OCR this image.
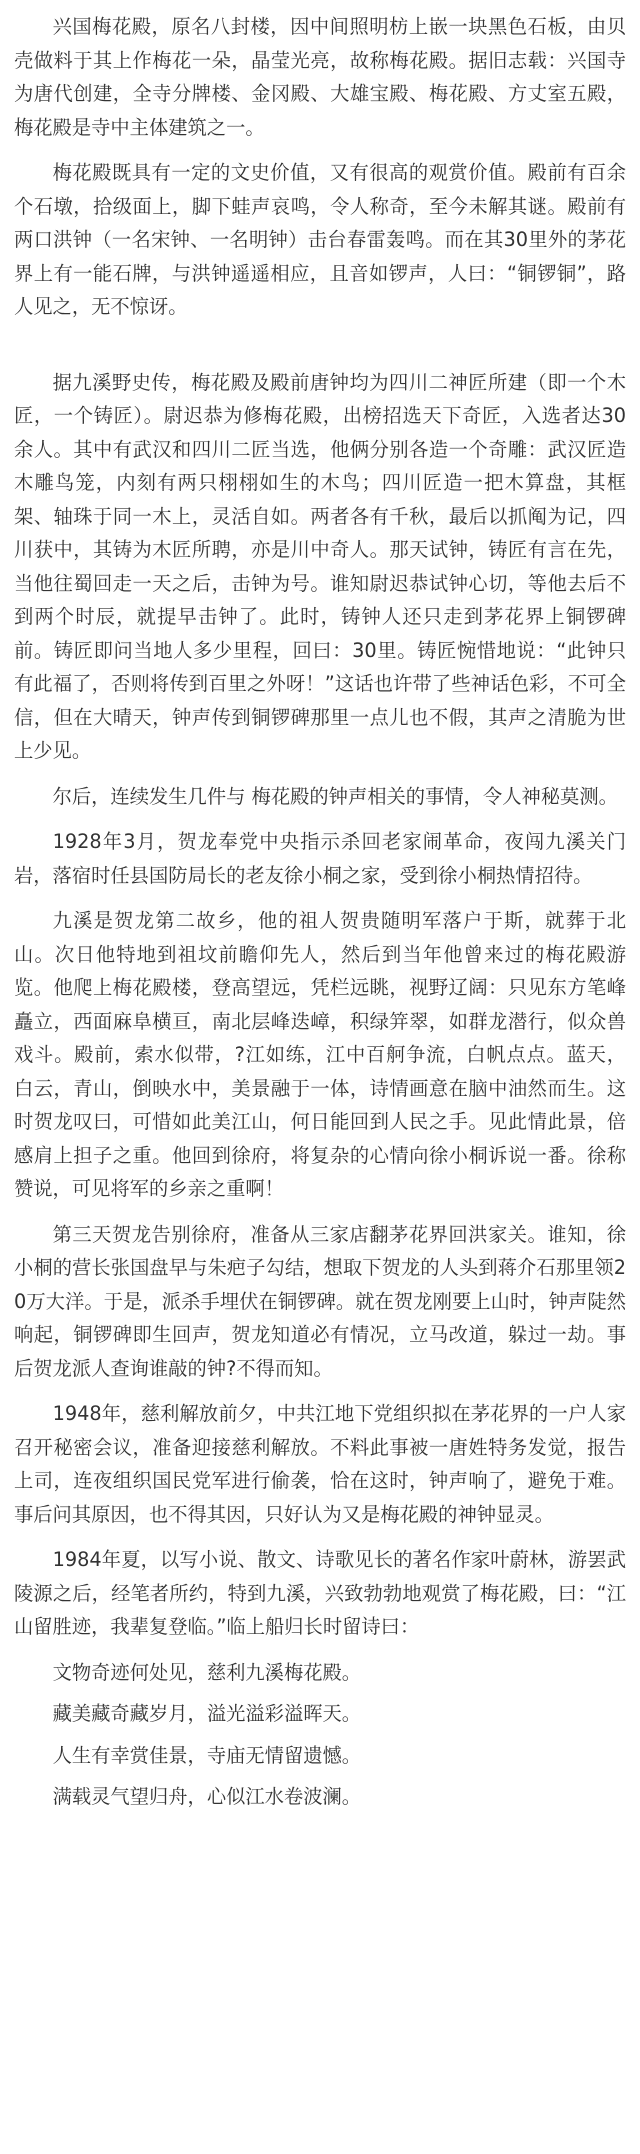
兴国梅花殿，原名八封楼，因中间照明枋上嵌一块黑色石板，由贝壳做料于其上作梅花一朵，晶莹光亮，故称梅花殿。据旧志载：兴国寺为唐代创建，全寺分牌楼、金冈殿、大雄宝殿、梅花殿、方丈室五殿，梅花殿是寺中主体建筑之一。

梅花殿既具有一定的文史价值，又有很高的观赏价值。殿前有百余个石墩，拾级面上，脚下蛙声哀鸣，令人称奇，至今未解其谜。殿前有两口洪钟（一名宋钟、一名明钟）击台春雷轰鸣。而在其30里外的茅花界上有一能石牌，与洪钟遥遥相应，且音如锣声，人曰：“铜锣铜”，路人见之，无不惊讶。

据九溪野史传，梅花殿及殿前唐钟均为四川二神匠所建（即一个木匠，一个铸匠）。尉迟恭为修梅花殿，出榜招选天下奇匠，入选者达30余人。其中有武汉和四川二匠当选，他俩分别各造一个奇雕：武汉匠造木雕鸟笼，内刻有两只栩栩如生的木鸟；四川匠造一把木算盘，其框架、轴珠于同一木上，灵活自如。两者各有千秋，最后以抓阄为记，四川获中，其铸为木匠所聘，亦是川中奇人。那天试钟，铸匠有言在先，当他往蜀回走一天之后，击钟为号。谁知尉迟恭试钟心切，等他去后不到两个时辰，就提早击钟了。此时，铸钟人还只走到茅花界上铜锣碑前。铸匠即问当地人多少里程，回曰：30里。铸匠惋惜地说：“此钟只有此福了，否则将传到百里之外呀！”这话也许带了些神话色彩，不可全信，但在大晴天，钟声传到铜锣碑那里一点儿也不假，其声之清脆为世上少见。

尔后，连续发生几件与 梅花殿的钟声相关的事情，令人神秘莫测。

1928年3月，贺龙奉党中央指示杀回老家闹革命，夜闯九溪关门岩，落宿时任县国防局长的老友徐小桐之家，受到徐小桐热情招待。

九溪是贺龙第二故乡，他的祖人贺贵随明军落户于斯，就葬于北山。次日他特地到祖坟前瞻仰先人，然后到当年他曾来过的梅花殿游览。他爬上梅花殿楼，登高望远，凭栏远眺，视野辽阔：只见东方笔峰矗立，西面麻阜横亘，南北层峰迭嶂，积绿笄翠，如群龙潜行，似众兽戏斗。殿前，索水似带，?江如练，江中百舸争流，白帆点点。蓝天， 白云，青山，倒映水中，美景融于一体，诗情画意在脑中油然而生。这时贺龙叹曰，可惜如此美江山，何日能回到人民之手。见此情此景，倍感肩上担子之重。他回到徐府，将复杂的心情向徐小桐诉说一番。徐称赞说，可见将军的乡亲之重啊！

第三天贺龙告别徐府，准备从三家店翻茅花界回洪家关。谁知，徐小桐的营长张国盘早与朱疤子勾结，想取下贺龙的人头到蒋介石那里领20万大洋。于是，派杀手埋伏在铜锣碑。就在贺龙刚要上山时，钟声陡然响起，铜锣碑即生回声，贺龙知道必有情况，立马改道，躲过一劫。事后贺龙派人查询谁敲的钟?不得而知。

1948年，慈利解放前夕，中共江地下党组织拟在茅花界的一户人家召开秘密会议，准备迎接慈利解放。不料此事被一唐姓特务发觉，报告上司，连夜组织国民党军进行偷袭，恰在这时，钟声响了，避免于难。事后问其原因，也不得其因，只好认为又是梅花殿的神钟显灵。

1984年夏，以写小说、散文、诗歌见长的著名作家叶蔚林，游罢武陵源之后，经笔者所约，特到九溪，兴致勃勃地观赏了梅花殿，曰：“江山留胜迹，我辈复登临。”临上船归长时留诗曰：

文物奇迹何处见，慈利九溪梅花殿。

藏美藏奇藏岁月，溢光溢彩溢晖天。

人生有幸赏佳景，寺庙无情留遗憾。

满载灵气望归舟，心似江水卷波澜。
